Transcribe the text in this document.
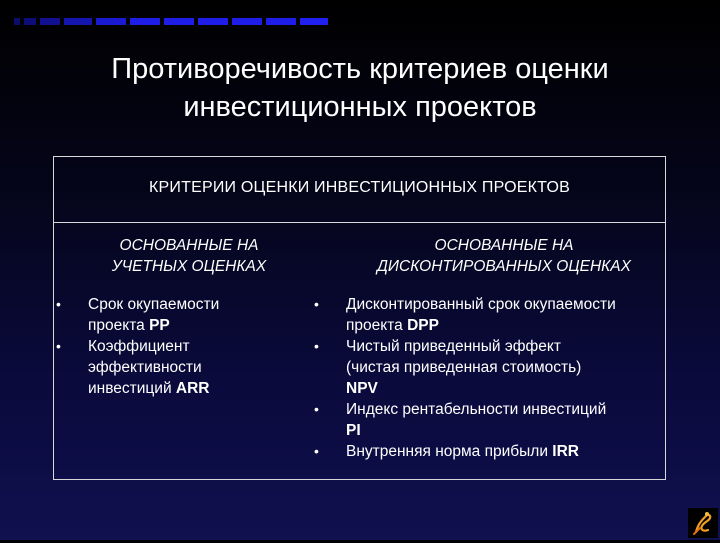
Противоречивость критериев оценки
инвестиционных проектов
КРИТЕРИИ ОЦЕНКИ ИНВЕСТИЦИОННЫХ ПРОЕКТОВ
ОСНОВАННЫЕ НА
УЧЕТНЫХ ОЦЕНКАХ
ОСНОВАННЫЕ НА
ДИСКОНТИРОВАННЫХ ОЦЕНКАХ
• Срок окупаемости
проекта PP
• Коэффициент
эффективности
инвестиций ARR
• Дисконтированный срок окупаемости
проекта DPP
• Чистый приведенный эффект
(чистая приведенная стоимость)
NPV
• Индекс рентабельности инвестиций
PI
• Внутренняя норма прибыли IRR
